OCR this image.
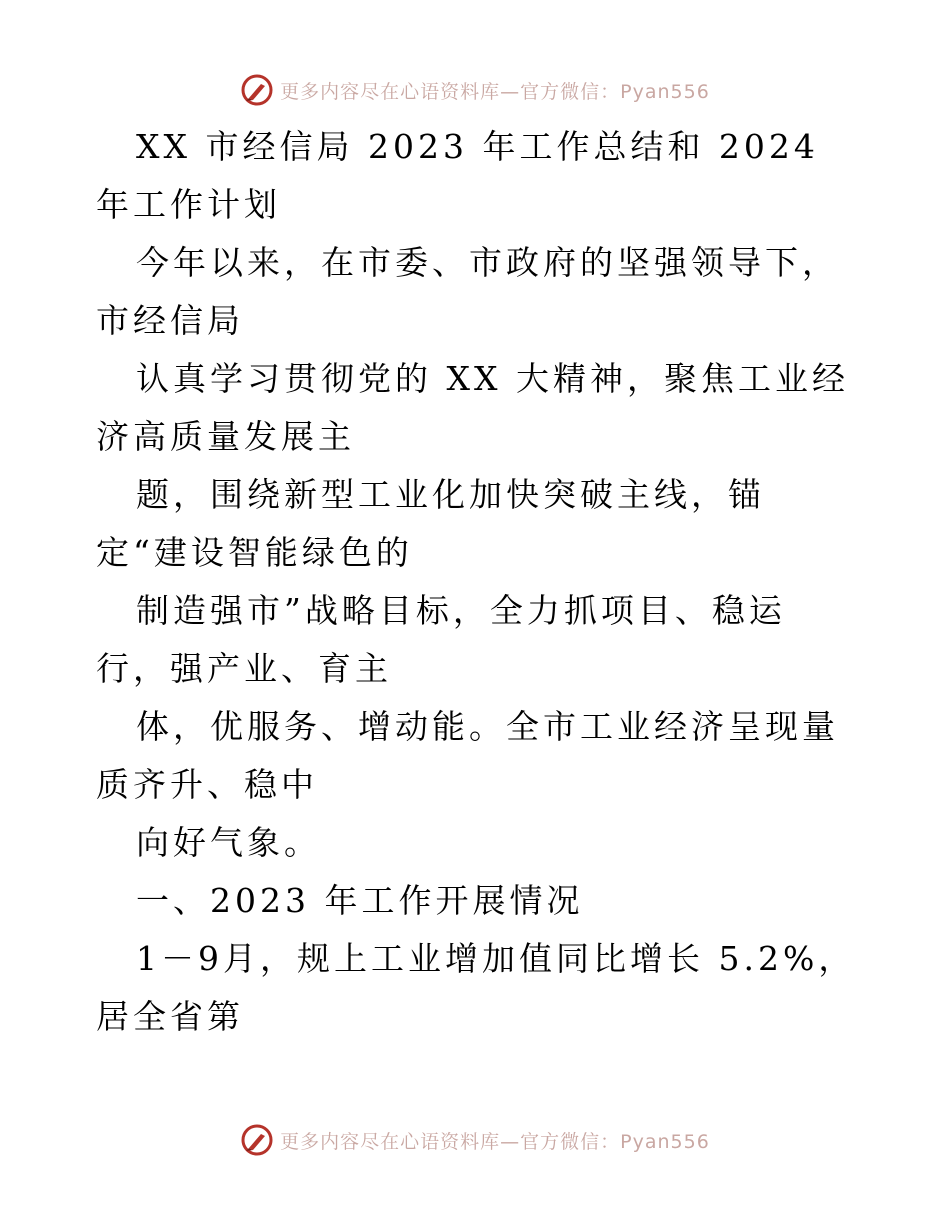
更多内容尽在心语资料库—官方微信：Pyan556

XX 市经信局 2023 年工作总结和 2024 年工作计划

今年以来，在市委、市政府的坚强领导下，市经信局

认真学习贯彻党的 XX 大精神，聚焦工业经济高质量发展主

题，围绕新型工业化加快突破主线，锚定“建设智能绿色的

制造强市”战略目标，全力抓项目、稳运行，强产业、育主

体，优服务、增动能。全市工业经济呈现量质齐升、稳中

向好气象。

一、2023 年工作开展情况

1－9月，规上工业增加值同比增长 5.2%，居全省第

更多内容尽在心语资料库—官方微信：Pyan556
